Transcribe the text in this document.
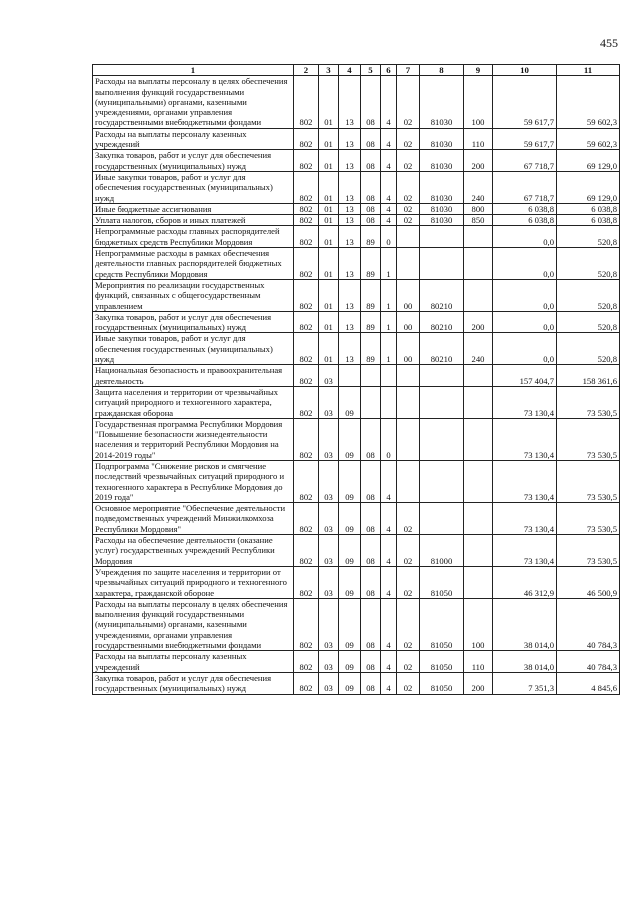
455
1	2	3	4	5	6	7	8	9	10	11
Расходы на выплаты персоналу в целях обеспечения выполнения функций государственными (муниципальными) органами, казенными учреждениями, органами управления государственными внебюджетными фондами	802	01	13	08	4	02	81030	100	59 617,7	59 602,3
Расходы на выплаты персоналу казенных учреждений	802	01	13	08	4	02	81030	110	59 617,7	59 602,3
Закупка товаров, работ и услуг для обеспечения государственных (муниципальных) нужд	802	01	13	08	4	02	81030	200	67 718,7	69 129,0
Иные закупки товаров, работ и услуг для обеспечения государственных (муниципальных) нужд	802	01	13	08	4	02	81030	240	67 718,7	69 129,0
Иные бюджетные ассигнования	802	01	13	08	4	02	81030	800	6 038,8	6 038,8
Уплата налогов, сборов и иных платежей	802	01	13	08	4	02	81030	850	6 038,8	6 038,8
Непрограммные расходы главных распорядителей бюджетных средств Республики Мордовия	802	01	13	89	0				0,0	520,8
Непрограммные расходы в рамках обеспечения деятельности главных распорядителей бюджетных средств Республики Мордовия	802	01	13	89	1				0,0	520,8
Мероприятия по реализации государственных функций, связанных с общегосударственным управлением	802	01	13	89	1	00	80210		0,0	520,8
Закупка товаров, работ и услуг для обеспечения государственных (муниципальных) нужд	802	01	13	89	1	00	80210	200	0,0	520,8
Иные закупки товаров, работ и услуг для обеспечения государственных (муниципальных) нужд	802	01	13	89	1	00	80210	240	0,0	520,8
Национальная безопасность и правоохранительная деятельность	802	03							157 404,7	158 361,6
Защита населения и территории от чрезвычайных ситуаций природного и техногенного характера, гражданская оборона	802	03	09						73 130,4	73 530,5
Государственная программа Республики Мордовия "Повышение безопасности жизнедеятельности населения и территорий Республики Мордовия на 2014-2019 годы"	802	03	09	08	0				73 130,4	73 530,5
Подпрограмма "Снижение рисков и смягчение последствий чрезвычайных ситуаций природного и техногенного характера в Республике Мордовия до 2019 года"	802	03	09	08	4				73 130,4	73 530,5
Основное мероприятие "Обеспечение деятельности подведомственных учреждений Минжилкомхоза Республики Мордовия"	802	03	09	08	4	02			73 130,4	73 530,5
Расходы на обеспечение деятельности (оказание услуг) государственных учреждений Республики Мордовия	802	03	09	08	4	02	81000		73 130,4	73 530,5
Учреждения по защите населения и территории от чрезвычайных ситуаций природного и техногенного характера, гражданской обороне	802	03	09	08	4	02	81050		46 312,9	46 500,9
Расходы на выплаты персоналу в целях обеспечения выполнения функций государственными (муниципальными) органами, казенными учреждениями, органами управления государственными внебюджетными фондами	802	03	09	08	4	02	81050	100	38 014,0	40 784,3
Расходы на выплаты персоналу казенных учреждений	802	03	09	08	4	02	81050	110	38 014,0	40 784,3
Закупка товаров, работ и услуг для обеспечения государственных (муниципальных) нужд	802	03	09	08	4	02	81050	200	7 351,3	4 845,6
